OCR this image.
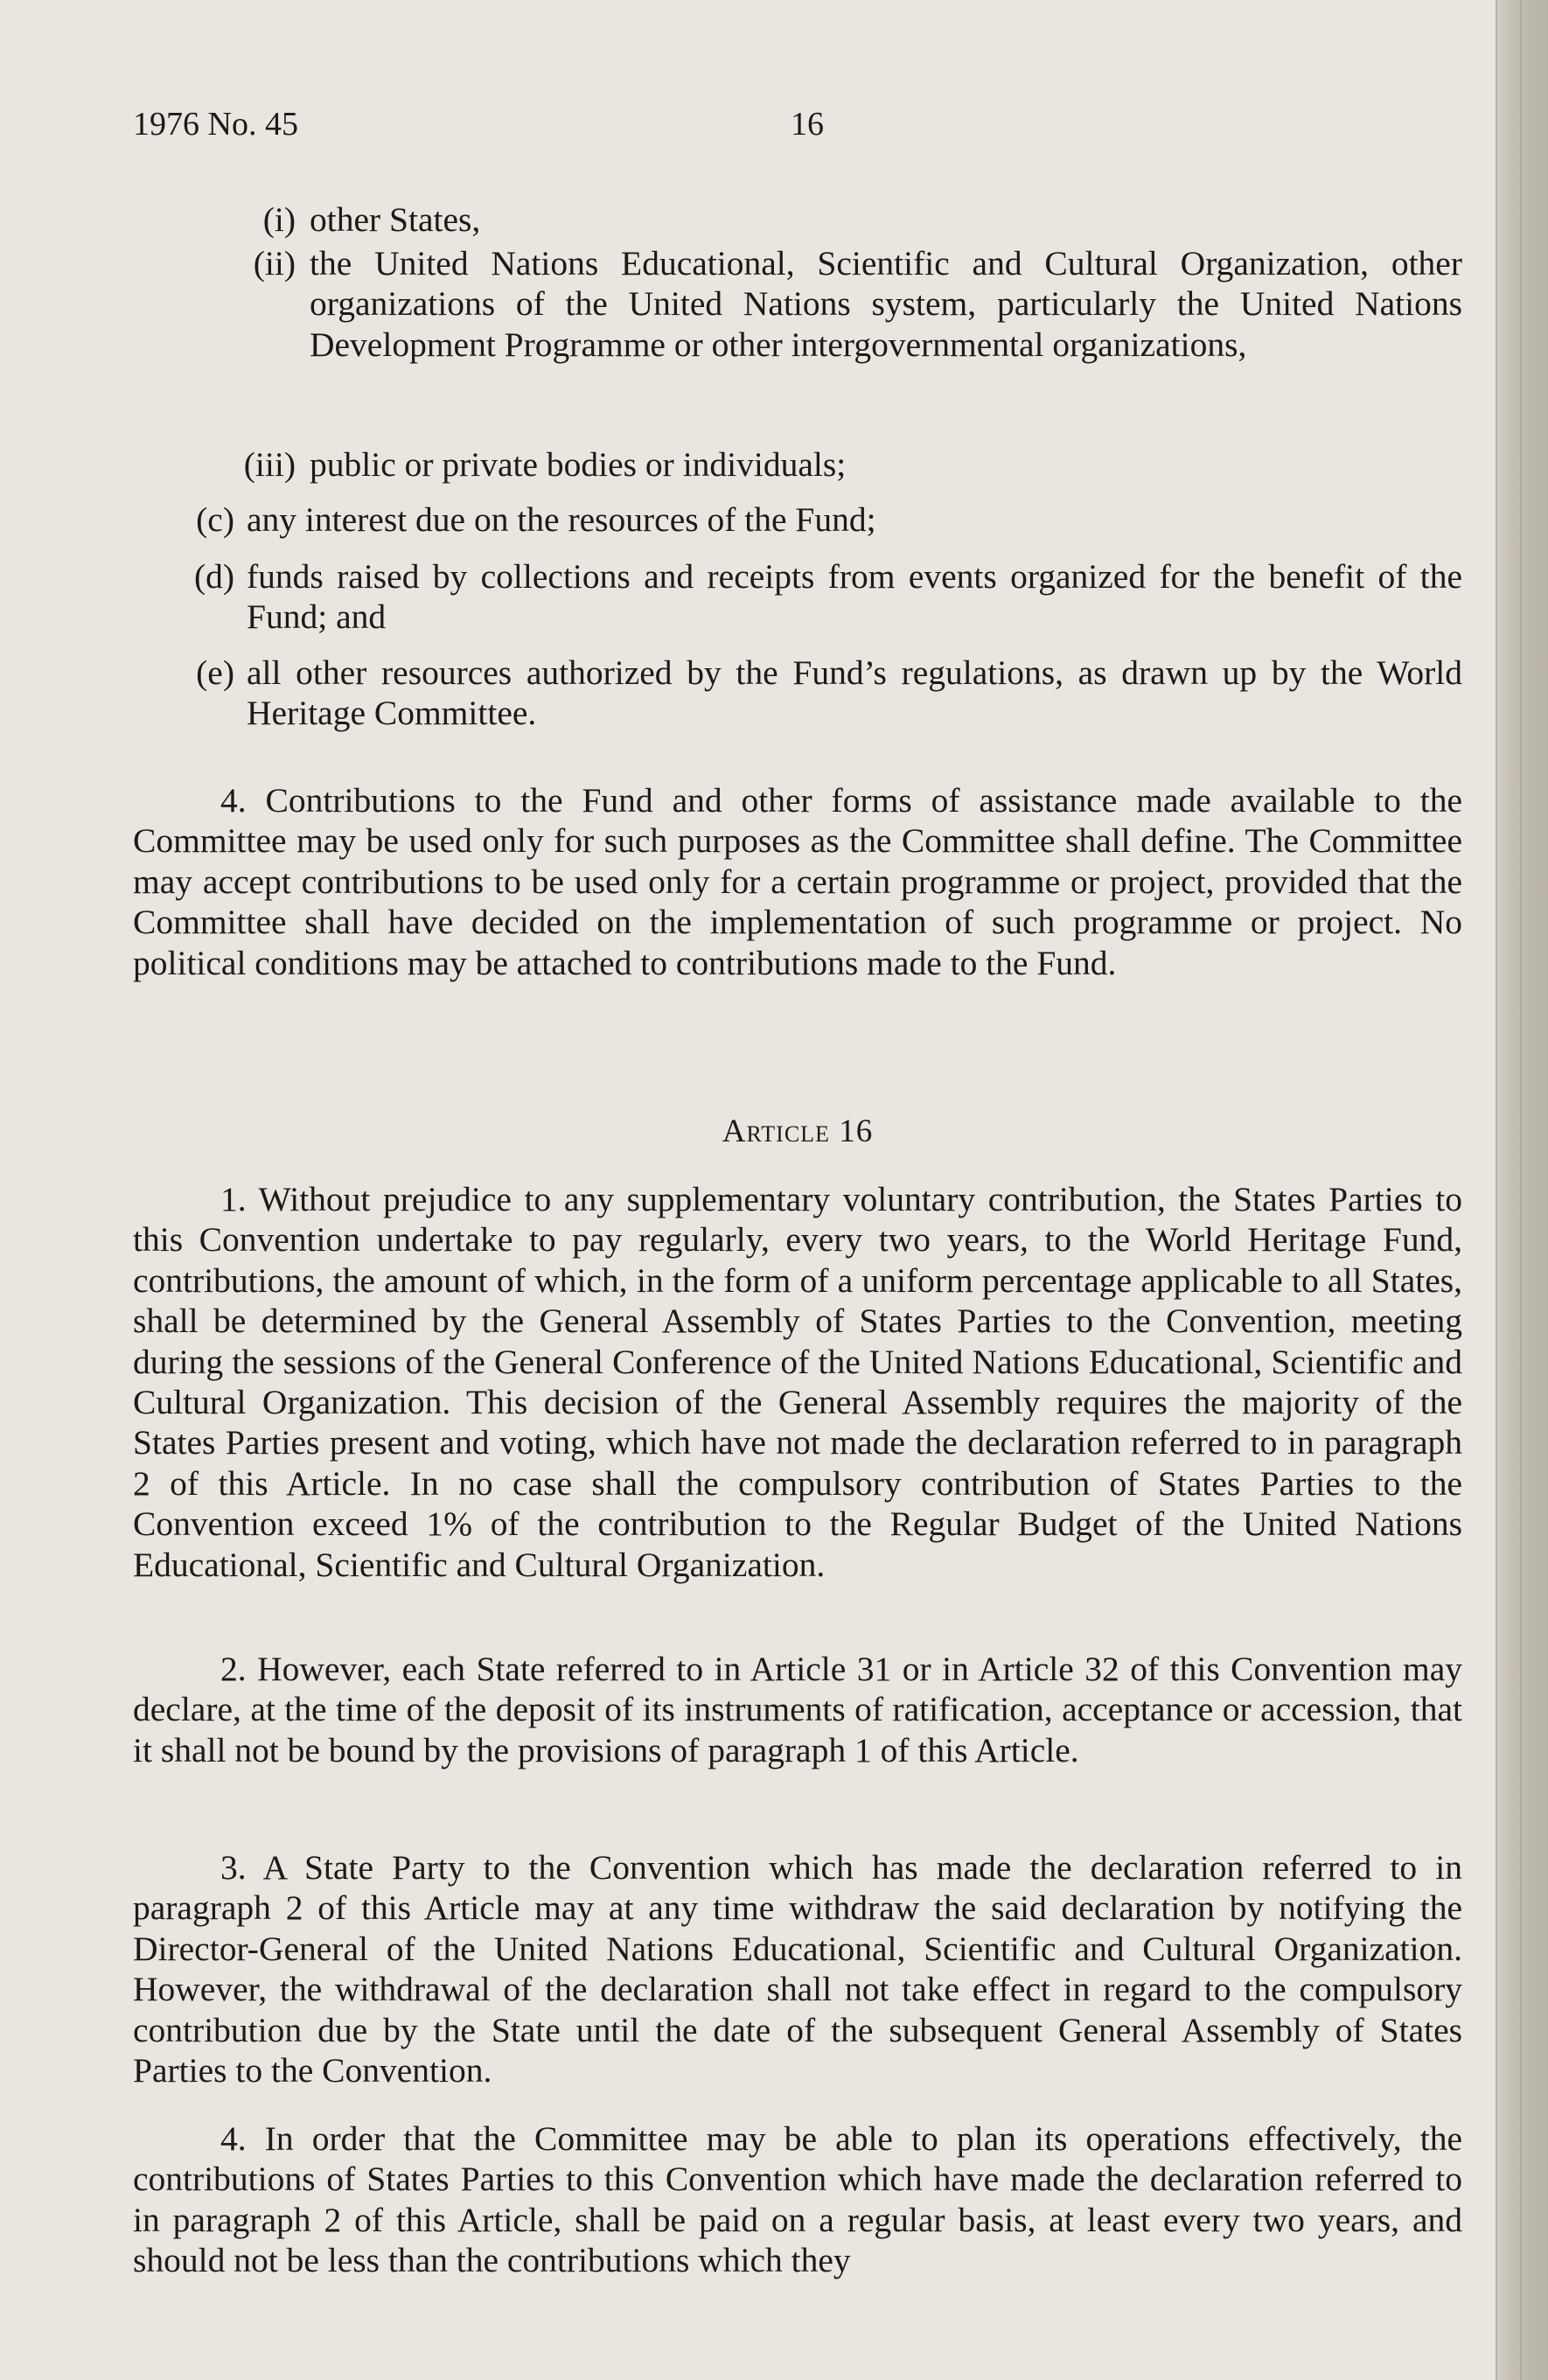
1976 No. 45	16
(i) other States,
(ii) the United Nations Educational, Scientific and Cultural Organization, other organizations of the United Nations system, particularly the United Nations Development Programme or other intergovernmental organizations,
(iii) public or private bodies or individuals;
(c) any interest due on the resources of the Fund;
(d) funds raised by collections and receipts from events organized for the benefit of the Fund; and
(e) all other resources authorized by the Fund’s regulations, as drawn up by the World Heritage Committee.

4. Contributions to the Fund and other forms of assistance made available to the Committee may be used only for such purposes as the Committee shall define. The Committee may accept contributions to be used only for a certain programme or project, provided that the Committee shall have decided on the implementation of such programme or project. No political conditions may be attached to contributions made to the Fund.

Article 16

1. Without prejudice to any supplementary voluntary contribution, the States Parties to this Convention undertake to pay regularly, every two years, to the World Heritage Fund, contributions, the amount of which, in the form of a uniform percentage applicable to all States, shall be determined by the General Assembly of States Parties to the Convention, meeting during the sessions of the General Conference of the United Nations Educational, Scientific and Cultural Organization. This decision of the General Assembly requires the majority of the States Parties present and voting, which have not made the declaration referred to in paragraph 2 of this Article. In no case shall the compulsory contribution of States Parties to the Convention exceed 1% of the contribution to the Regular Budget of the United Nations Educational, Scientific and Cultural Organization.

2. However, each State referred to in Article 31 or in Article 32 of this Convention may declare, at the time of the deposit of its instruments of ratification, acceptance or accession, that it shall not be bound by the provisions of paragraph 1 of this Article.

3. A State Party to the Convention which has made the declaration referred to in paragraph 2 of this Article may at any time withdraw the said declaration by notifying the Director-General of the United Nations Educational, Scientific and Cultural Organization. However, the withdrawal of the declaration shall not take effect in regard to the compulsory contribution due by the State until the date of the subsequent General Assembly of States Parties to the Convention.

4. In order that the Committee may be able to plan its operations effectively, the contributions of States Parties to this Convention which have made the declaration referred to in paragraph 2 of this Article, shall be paid on a regular basis, at least every two years, and should not be less than the contributions which they
